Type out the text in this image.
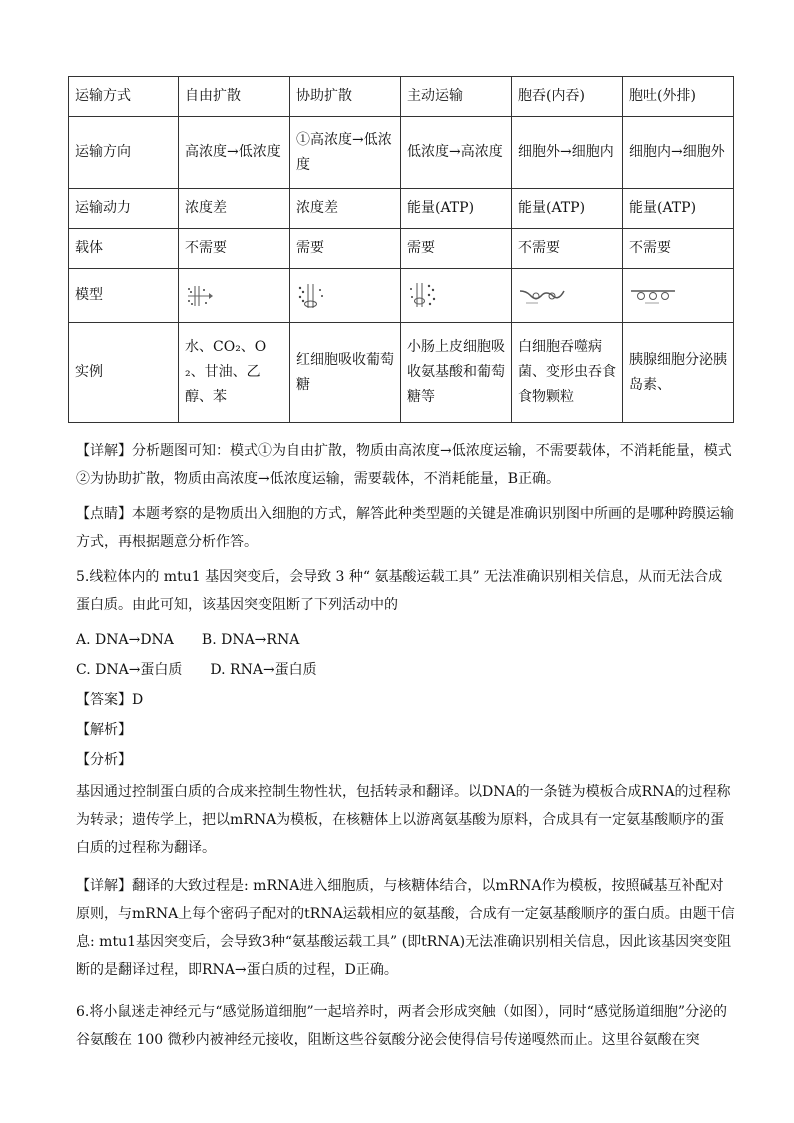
运输方式	自由扩散	协助扩散	主动运输	胞吞(内吞)	胞吐(外排)
运输方向	高浓度→低浓度	①高浓度→低浓度	低浓度→高浓度	细胞外→细胞内	细胞内→细胞外
运输动力	浓度差	浓度差	能量(ATP)	能量(ATP)	能量(ATP)
载体	不需要	需要	需要	不需要	不需要
模型	

实例	水、CO₂、O₂、甘油、乙醇、苯	红细胞吸收葡萄糖	小肠上皮细胞吸收氨基酸和葡萄糖等	白细胞吞噬病菌、变形虫吞食食物颗粒	胰腺细胞分泌胰岛素、
【详解】分析题图可知：模式①为自由扩散，物质由高浓度→低浓度运输，不需要载体，不消耗能量，模式②为协助扩散，物质由高浓度→低浓度运输，需要载体，不消耗能量，B正确。
【点睛】本题考察的是物质出入细胞的方式，解答此种类型题的关键是准确识别图中所画的是哪种跨膜运输方式，再根据题意分析作答。
5.线粒体内的 mtu1 基因突变后，会导致 3 种“ 氨基酸运载工具” 无法准确识别相关信息，从而无法合成蛋白质。由此可知，该基因突变阻断了下列活动中的
A. DNA→DNA　　B. DNA→RNA
C. DNA→蛋白质　　D. RNA→蛋白质
【答案】D
【解析】
【分析】
基因通过控制蛋白质的合成来控制生物性状，包括转录和翻译。以DNA的一条链为模板合成RNA的过程称为转录；遗传学上，把以mRNA为模板，在核糖体上以游离氨基酸为原料，合成具有一定氨基酸顺序的蛋白质的过程称为翻译。
【详解】翻译的大致过程是: mRNA进入细胞质，与核糖体结合，以mRNA作为模板，按照碱基互补配对原则，与mRNA上每个密码子配对的tRNA运载相应的氨基酸，合成有一定氨基酸顺序的蛋白质。由题干信息: mtu1基因突变后，会导致3种“氨基酸运载工具” (即tRNA)无法准确识别相关信息，因此该基因突变阻断的是翻译过程，即RNA→蛋白质的过程，D正确。
6.将小鼠迷走神经元与“感觉肠道细胞”一起培养时，两者会形成突触（如图），同时“感觉肠道细胞”分泌的谷氨酸在 100 微秒内被神经元接收，阻断这些谷氨酸分泌会使得信号传递嘎然而止。这里谷氨酸在突
